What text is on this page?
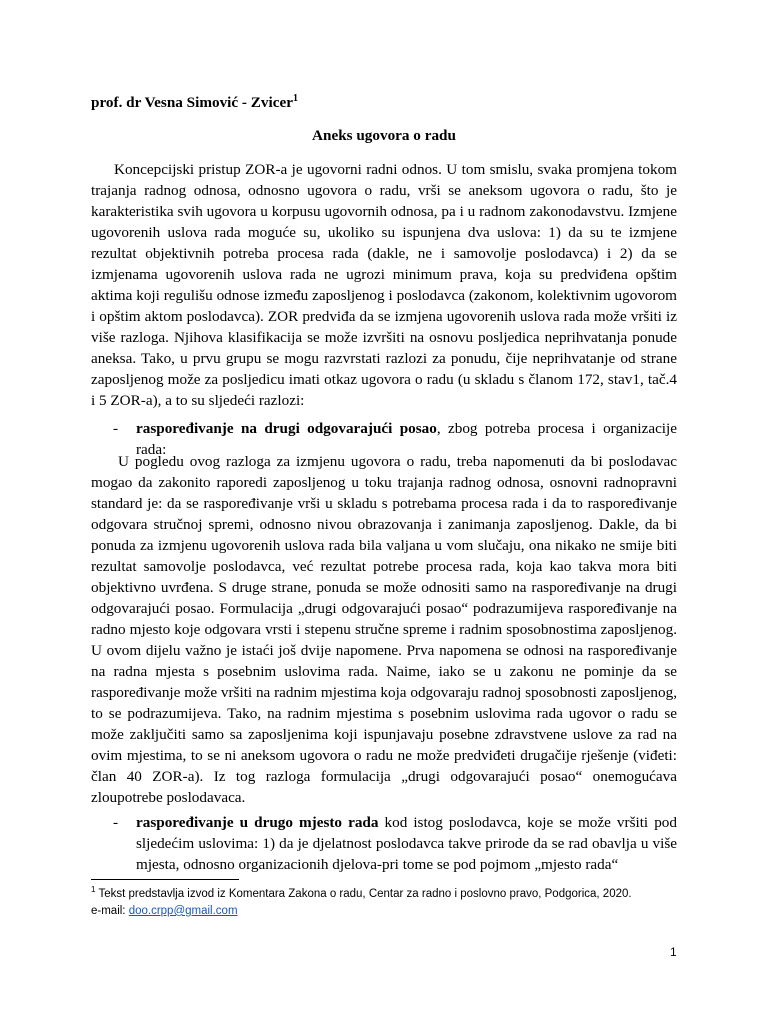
prof. dr Vesna Simović - Zvicer$^1$
Aneks ugovora o radu

Koncepcijski pristup ZOR-a je ugovorni radni odnos. U tom smislu, svaka promjena tokom trajanja radnog odnosa, odnosno ugovora o radu, vrši se aneksom ugovora o radu, što je karakteristika svih ugovora u korpusu ugovornih odnosa, pa i u radnom zakonodavstvu. Izmjene ugovorenih uslova rada moguće su, ukoliko su ispunjena dva uslova: 1) da su te izmjene rezultat objektivnih potreba procesa rada (dakle, ne i samovolje poslodavca) i 2) da se izmjenama ugovorenih uslova rada ne ugrozi minimum prava, koja su predviđena opštim aktima koji regulišu odnose između zaposljenog i poslodavca (zakonom, kolektivnim ugovorom i opštim aktom poslodavca). ZOR predviđa da se izmjena ugovorenih uslova rada može vršiti iz više razloga. Njihova klasifikacija se može izvršiti na osnovu posljedica neprihvatanja ponude aneksa. Tako, u prvu grupu se mogu razvrstati razlozi za ponudu, čije neprihvatanje od strane zaposljenog može za posljedicu imati otkaz ugovora o radu (u skladu s članom 172, stav1, tač.4 i 5 ZOR-a), a to su sljedeći razlozi:

- raspoređivanje na drugi odgovarajući posao, zbog potreba procesa i organizacije rada:

U pogledu ovog razloga za izmjenu ugovora o radu, treba napomenuti da bi poslodavac mogao da zakonito raporedi zaposljenog u toku trajanja radnog odnosa, osnovni radnopravni standard je: da se raspoređivanje vrši u skladu s potrebama procesa rada i da to raspoređivanje odgovara stručnoj spremi, odnosno nivou obrazovanja i zanimanja zaposljenog. Dakle, da bi ponuda za izmjenu ugovorenih uslova rada bila valjana u vom slučaju, ona nikako ne smije biti rezultat samovolje poslodavca, već rezultat potrebe procesa rada, koja kao takva mora biti objektivno uvrđena. S druge strane, ponuda se može odnositi samo na raspoređivanje na drugi odgovarajući posao. Formulacija „drugi odgovarajući posao“ podrazumijeva raspoređivanje na radno mjesto koje odgovara vrsti i stepenu stručne spreme i radnim sposobnostima zaposljenog. U ovom dijelu važno je istaći još dvije napomene. Prva napomena se odnosi na raspoređivanje na radna mjesta s posebnim uslovima rada. Naime, iako se u zakonu ne pominje da se raspoređivanje može vršiti na radnim mjestima koja odgovaraju radnoj sposobnosti zaposljenog, to se podrazumijeva. Tako, na radnim mjestima s posebnim uslovima rada ugovor o radu se može zaključiti samo sa zaposljenima koji ispunjavaju posebne zdravstvene uslove za rad na ovim mjestima, to se ni aneksom ugovora o radu ne može predviđeti drugačije rješenje (viđeti: član 40 ZOR-a). Iz tog razloga formulacija „drugi odgovarajući posao“ onemogućava zloupotrebe poslodavaca.

- raspoređivanje u drugo mjesto rada kod istog poslodavca, koje se može vršiti pod sljedećim uslovima: 1) da je djelatnost poslodavca takve prirode da se rad obavlja u više mjesta, odnosno organizacionih djelova-pri tome se pod pojmom „mjesto rada“
$^1$ Tekst predstavlja izvod iz Komentara Zakona o radu, Centar za radno i poslovno pravo, Podgorica, 2020.
e-mail: doo.crpp@gmail.com
1
